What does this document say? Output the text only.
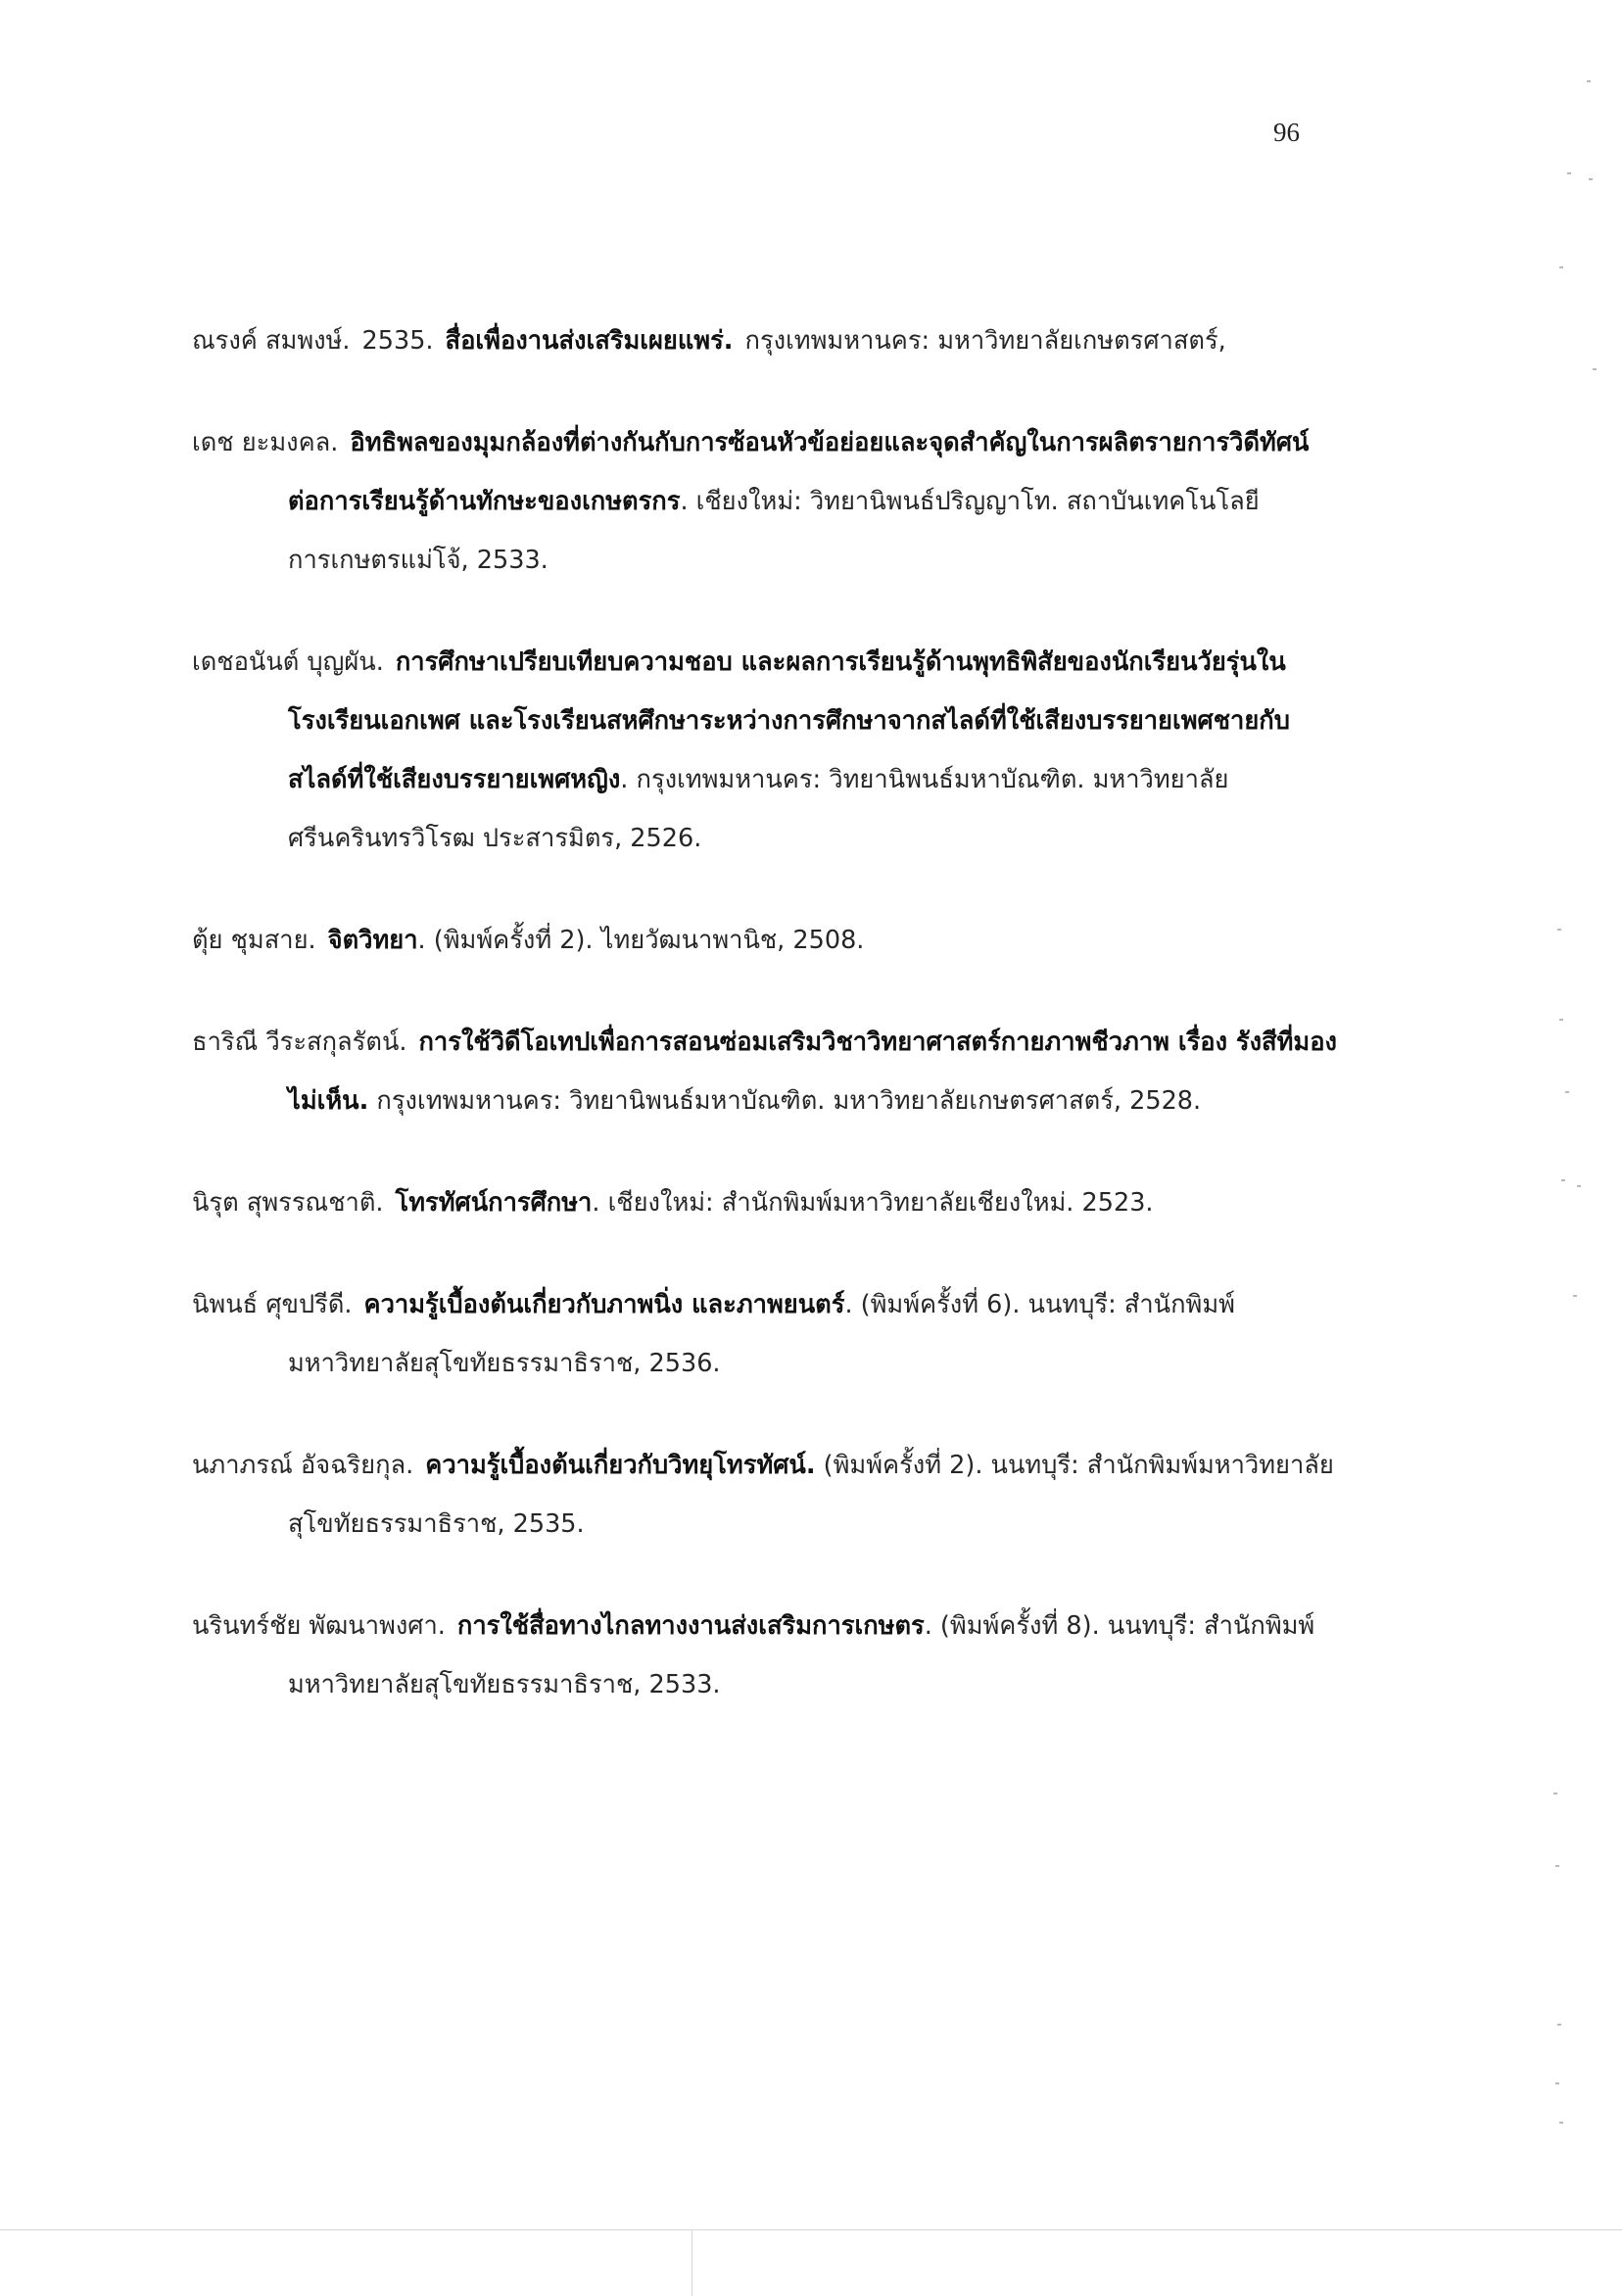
96
ณรงค์ สมพงษ์. 2535. สื่อเพื่องานส่งเสริมเผยแพร่. กรุงเทพมหานคร: มหาวิทยาลัยเกษตรศาสตร์,
เดช ยะมงคล. อิทธิพลของมุมกล้องที่ต่างกันกับการซ้อนหัวข้อย่อยและจุดสำคัญในการผลิตรายการวิดีทัศน์ต่อการเรียนรู้ด้านทักษะของเกษตรกร. เชียงใหม่: วิทยานิพนธ์ปริญญาโท. สถาบันเทคโนโลยีการเกษตรแม่โจ้, 2533.
เดชอนันต์ บุญผัน. การศึกษาเปรียบเทียบความชอบ และผลการเรียนรู้ด้านพุทธิพิสัยของนักเรียนวัยรุ่นในโรงเรียนเอกเพศ และโรงเรียนสหศึกษาระหว่างการศึกษาจากสไลด์ที่ใช้เสียงบรรยายเพศชายกับสไลด์ที่ใช้เสียงบรรยายเพศหญิง. กรุงเทพมหานคร: วิทยานิพนธ์มหาบัณฑิต. มหาวิทยาลัยศรีนครินทรวิโรฒ ประสารมิตร, 2526.
ตุ้ย ชุมสาย. จิตวิทยา. (พิมพ์ครั้งที่ 2). ไทยวัฒนาพานิช, 2508.
ธาริณี วีระสกุลรัตน์. การใช้วิดีโอเทปเพื่อการสอนซ่อมเสริมวิชาวิทยาศาสตร์กายภาพชีวภาพ เรื่อง รังสีที่มองไม่เห็น. กรุงเทพมหานคร: วิทยานิพนธ์มหาบัณฑิต. มหาวิทยาลัยเกษตรศาสตร์, 2528.
นิรุต สุพรรณชาติ. โทรทัศน์การศึกษา. เชียงใหม่: สำนักพิมพ์มหาวิทยาลัยเชียงใหม่. 2523.
นิพนธ์ ศุขปรีดี. ความรู้เบื้องต้นเกี่ยวกับภาพนิ่ง และภาพยนตร์. (พิมพ์ครั้งที่ 6). นนทบุรี: สำนักพิมพ์มหาวิทยาลัยสุโขทัยธรรมาธิราช, 2536.
นภาภรณ์ อัจฉริยกุล. ความรู้เบื้องต้นเกี่ยวกับวิทยุโทรทัศน์. (พิมพ์ครั้งที่ 2). นนทบุรี: สำนักพิมพ์มหาวิทยาลัยสุโขทัยธรรมาธิราช, 2535.
นรินทร์ชัย พัฒนาพงศา. การใช้สื่อทางไกลทางงานส่งเสริมการเกษตร. (พิมพ์ครั้งที่ 8). นนทบุรี: สำนักพิมพ์มหาวิทยาลัยสุโขทัยธรรมาธิราช, 2533.
